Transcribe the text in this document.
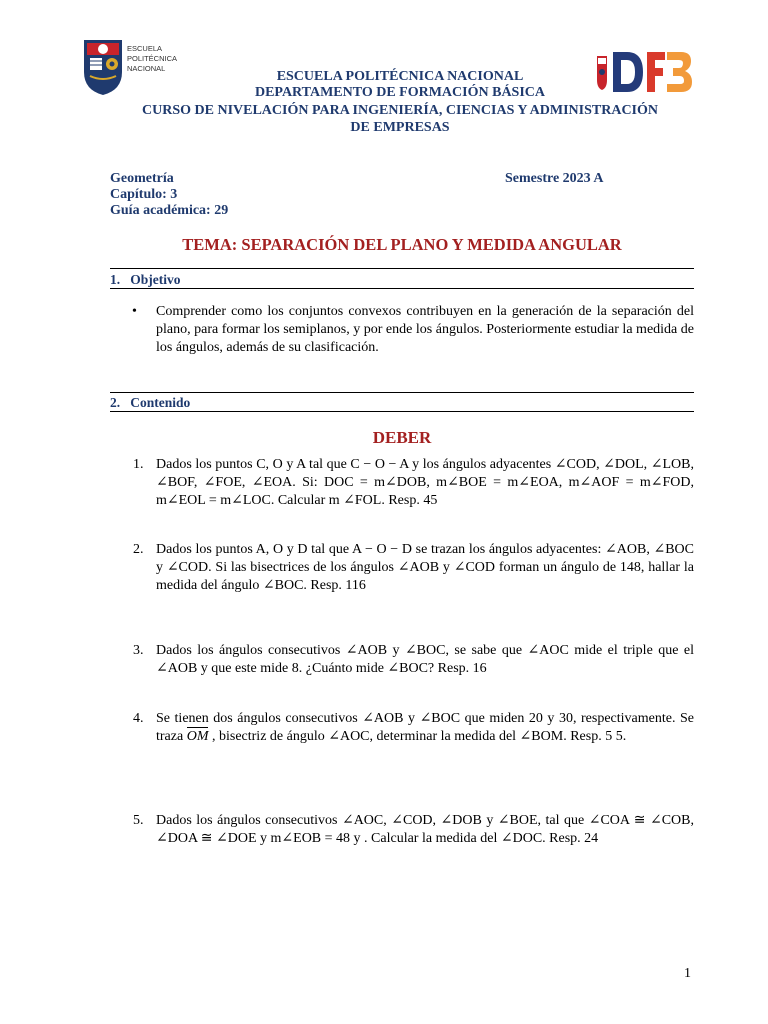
ESCUELA
POLITÉCNICA
NACIONAL
DFB
ESCUELA POLITÉCNICA NACIONAL
DEPARTAMENTO DE FORMACIÓN BÁSICA
CURSO DE NIVELACIÓN PARA INGENIERÍA, CIENCIAS Y ADMINISTRACIÓN
DE EMPRESAS
Geometría	Semestre 2023 A
Capítulo: 3
Guía académica: 29
TEMA: SEPARACIÓN DEL PLANO Y MEDIDA ANGULAR
1. Objetivo
• Comprender como los conjuntos convexos contribuyen en la generación de la separación del plano, para formar los semiplanos, y por ende los ángulos. Posteriormente estudiar la medida de los ángulos, además de su clasificación.
2. Contenido
DEBER
1. Dados los puntos C, O y A tal que C − O − A y los ángulos adyacentes ∠COD, ∠DOL, ∠LOB, ∠BOF, ∠FOE, ∠EOA. Si: DOC = m∠DOB, m∠BOE = m∠EOA, m∠AOF = m∠FOD, m∠EOL = m∠LOC. Calcular m ∠FOL. Resp. 45
2. Dados los puntos A, O y D tal que A − O − D se trazan los ángulos adyacentes: ∠AOB, ∠BOC y ∠COD. Si las bisectrices de los ángulos ∠AOB y ∠COD forman un ángulo de 148, hallar la medida del ángulo ∠BOC. Resp. 116
3. Dados los ángulos consecutivos ∠AOB y ∠BOC, se sabe que ∠AOC mide el triple que el ∠AOB y que este mide 8. ¿Cuánto mide ∠BOC? Resp. 16
4. Se tienen dos ángulos consecutivos ∠AOB y ∠BOC que miden 20 y 30, respectivamente. Se traza OM , bisectriz de ángulo ∠AOC, determinar la medida del ∠BOM. Resp. 5 5.
5. Dados los ángulos consecutivos ∠AOC, ∠COD, ∠DOB y ∠BOE, tal que ∠COA ≅ ∠COB, ∠DOA ≅ ∠DOE y m∠EOB = 48 y . Calcular la medida del ∠DOC. Resp. 24
1
